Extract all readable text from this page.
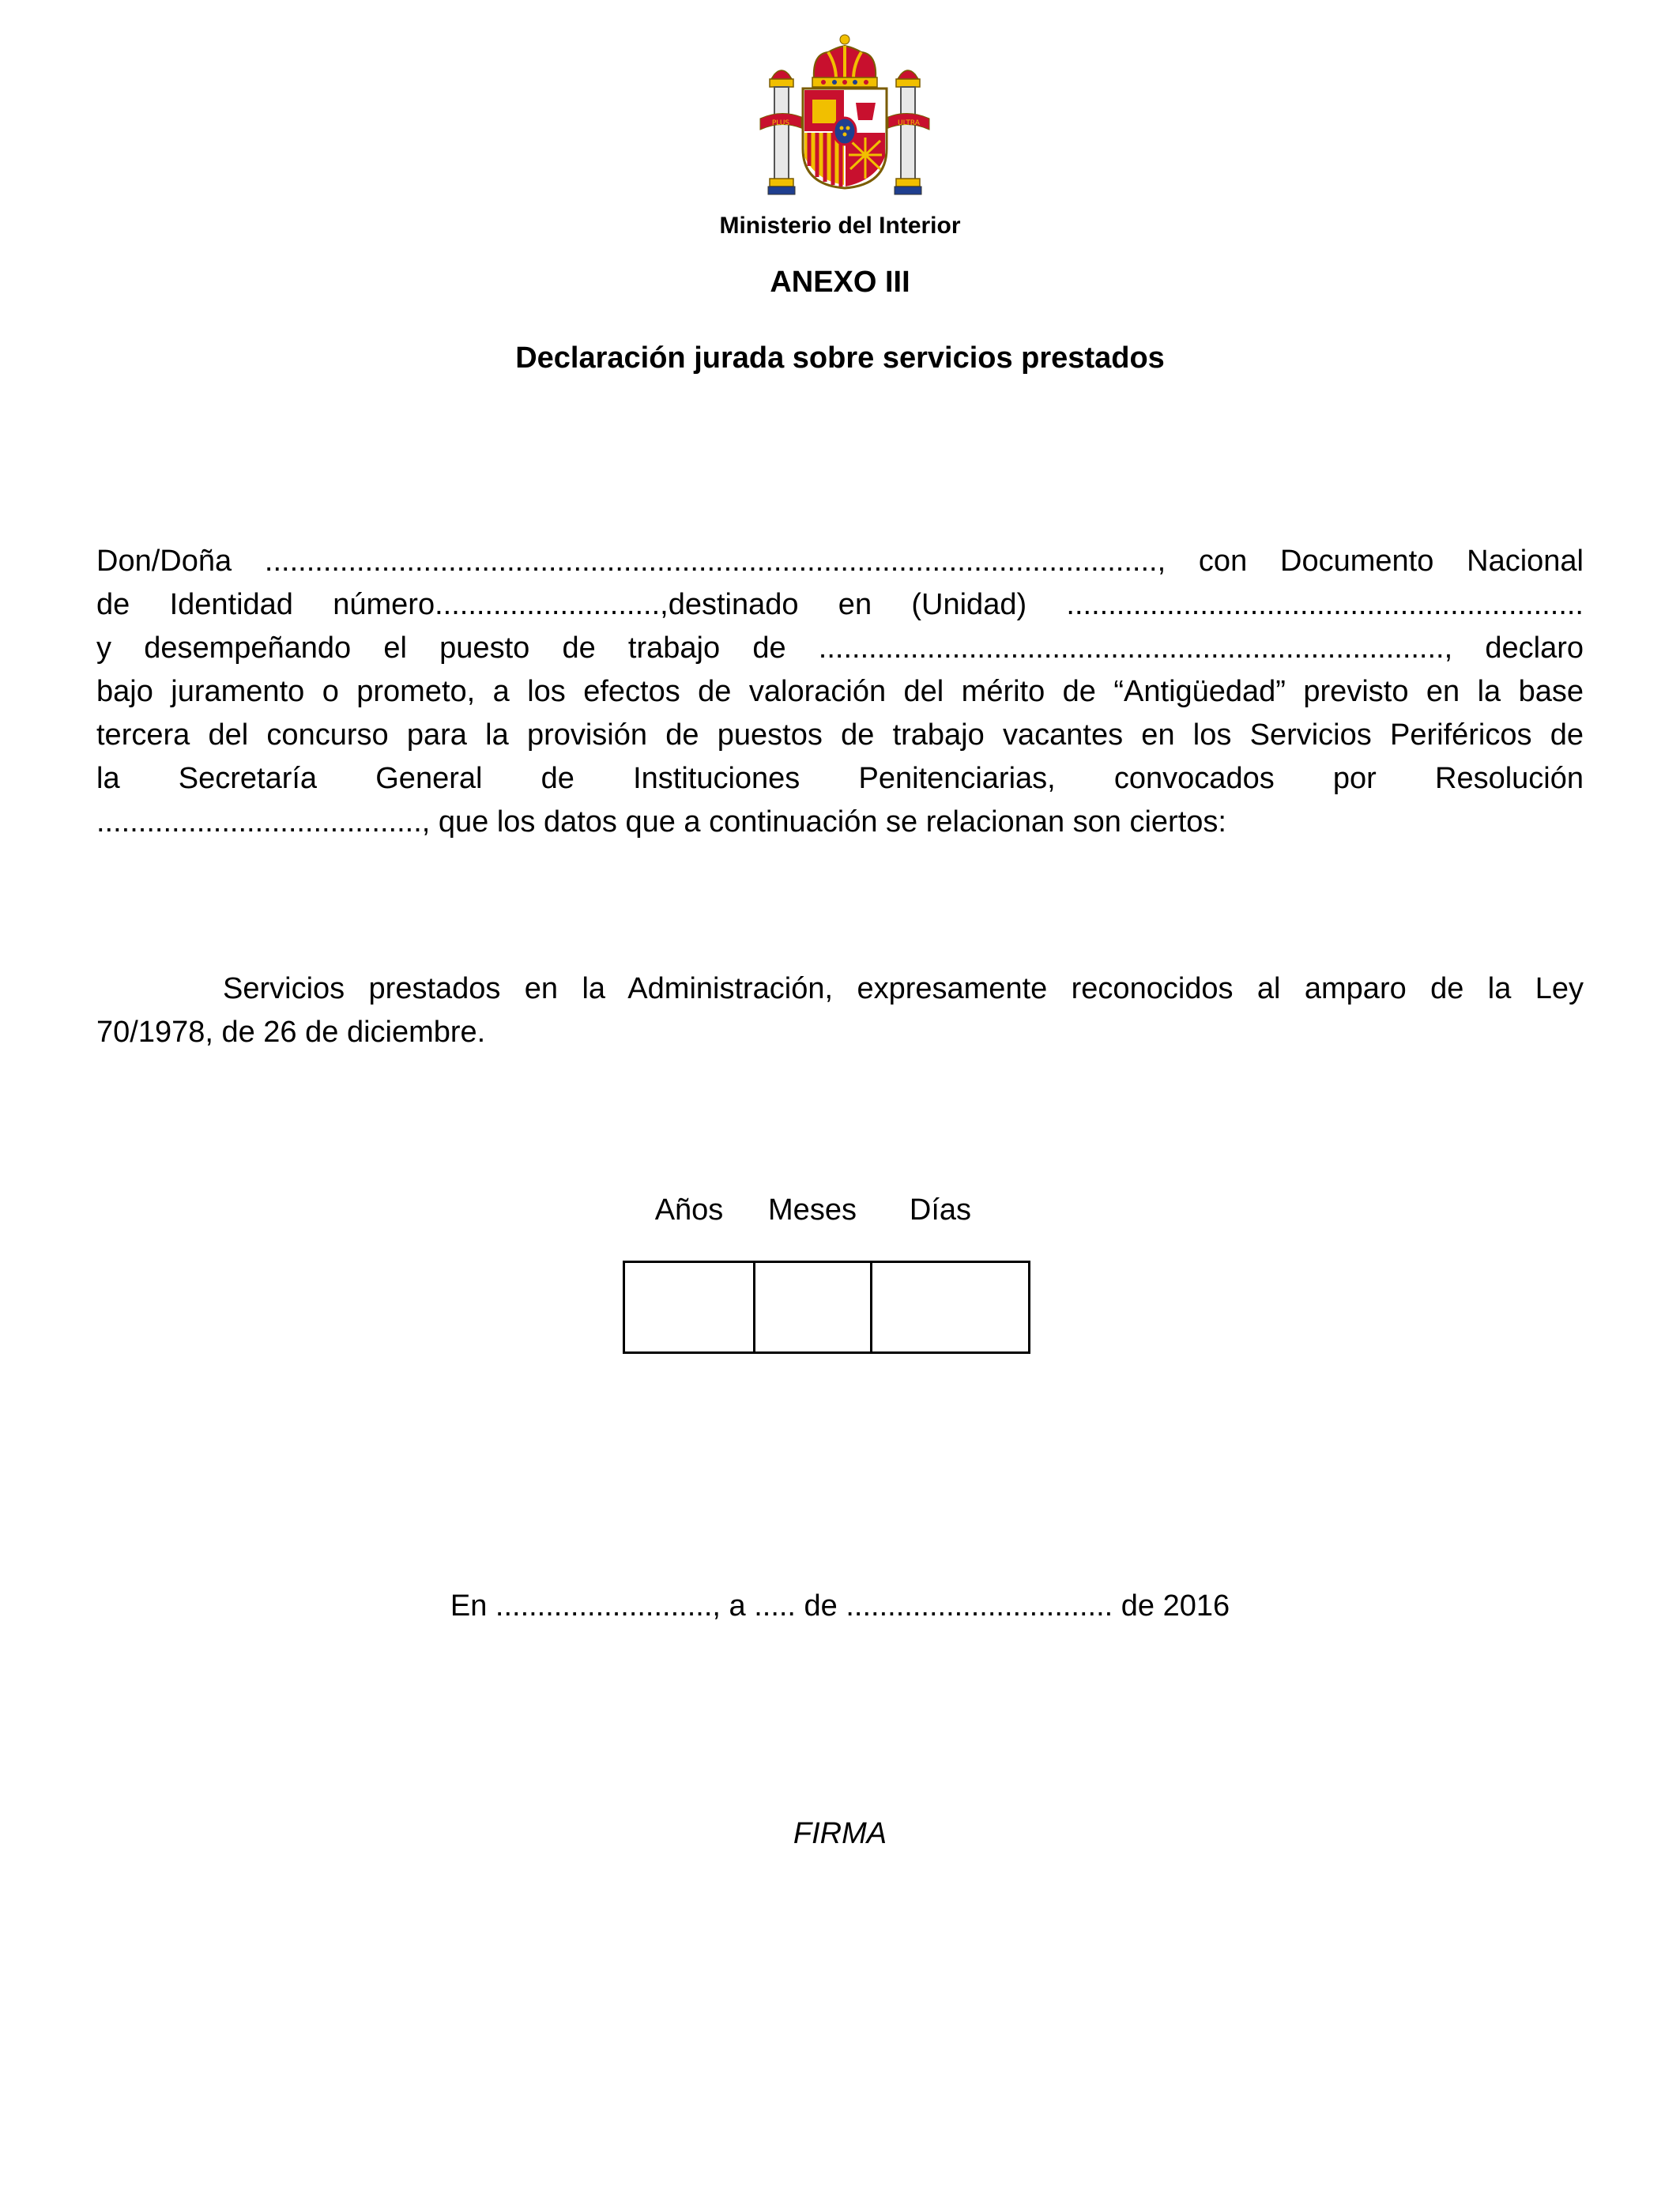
PLUS	ULTRA
Ministerio del Interior
ANEXO III
Declaración jurada sobre servicios prestados
Don/Doña ..........................................................................................................., con Documento Nacional
de Identidad número...........................,destinado en (Unidad) ..............................................................
y desempeñando el puesto de trabajo de ..........................................................................., declaro
bajo juramento o prometo, a los efectos de valoración del mérito de “Antigüedad” previsto en la base
tercera del concurso para la provisión de puestos de trabajo vacantes en los Servicios Periféricos de
la Secretaría General de Instituciones Penitenciarias, convocados por Resolución
......................................., que los datos que a continuación se relacionan son ciertos:
Servicios prestados en la Administración, expresamente reconocidos al amparo de la Ley
70/1978, de 26 de diciembre.
Años	Meses	Días
En .........................., a ..... de ................................ de 2016
FIRMA
